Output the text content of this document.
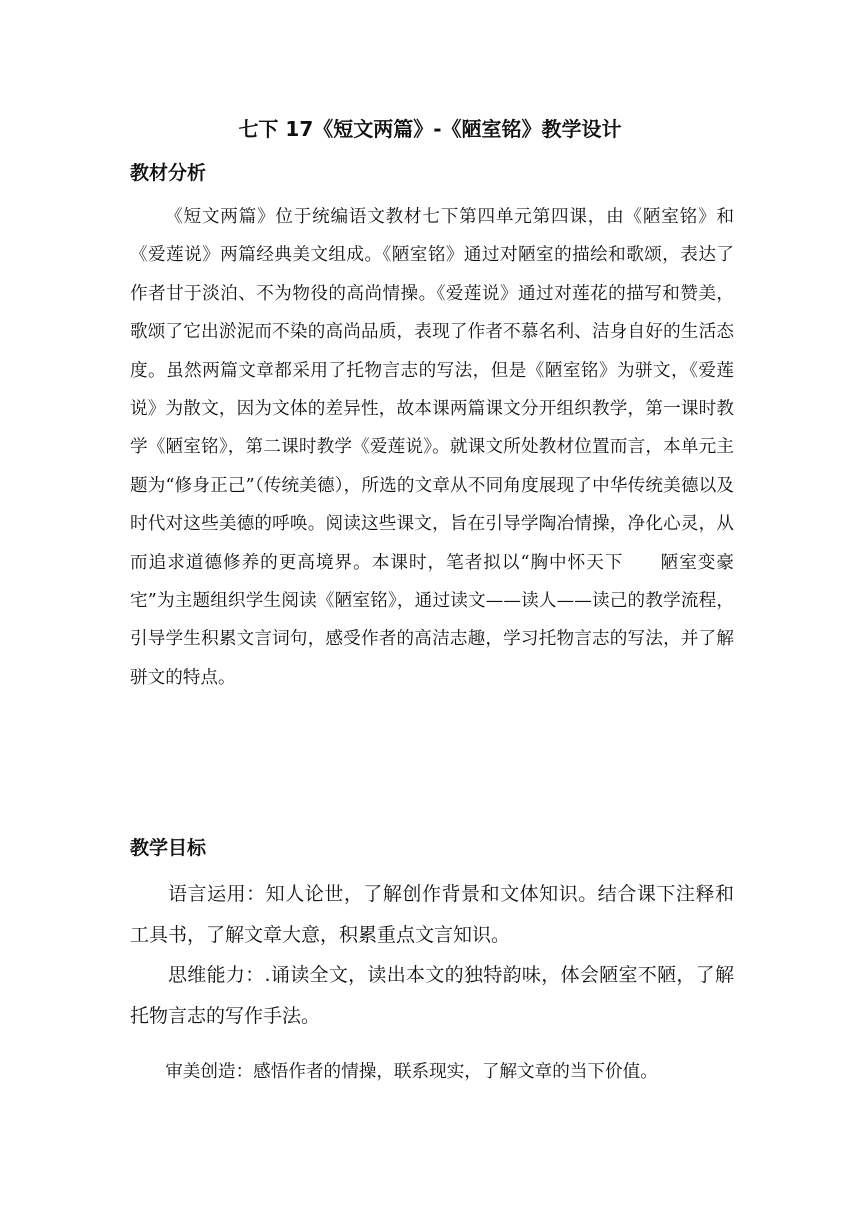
七下 17《短文两篇》-《陋室铭》教学设计
教材分析

《短文两篇》位于统编语文教材七下第四单元第四课，由《陋室铭》和《爱莲说》两篇经典美文组成。《陋室铭》通过对陋室的描绘和歌颂，表达了作者甘于淡泊、不为物役的高尚情操。《爱莲说》通过对莲花的描写和赞美，歌颂了它出淤泥而不染的高尚品质，表现了作者不慕名利、洁身自好的生活态度。虽然两篇文章都采用了托物言志的写法，但是《陋室铭》为骈文，《爱莲说》为散文，因为文体的差异性，故本课两篇课文分开组织教学，第一课时教学《陋室铭》，第二课时教学《爱莲说》。就课文所处教材位置而言，本单元主题为“修身正己”（传统美德），所选的文章从不同角度展现了中华传统美德以及时代对这些美德的呼唤。阅读这些课文，旨在引导学陶冶情操，净化心灵，从而追求道德修养的更高境界。本课时，笔者拟以“胸中怀天下　　陋室变豪宅”为主题组织学生阅读《陋室铭》，通过读文——读人——读己的教学流程，引导学生积累文言词句，感受作者的高洁志趣，学习托物言志的写法，并了解骈文的特点。

教学目标

语言运用：知人论世，了解创作背景和文体知识。结合课下注释和工具书，了解文章大意，积累重点文言知识。

思维能力：.诵读全文，读出本文的独特韵味，体会陋室不陋，了解托物言志的写作手法。

审美创造：感悟作者的情操，联系现实，了解文章的当下价值。
